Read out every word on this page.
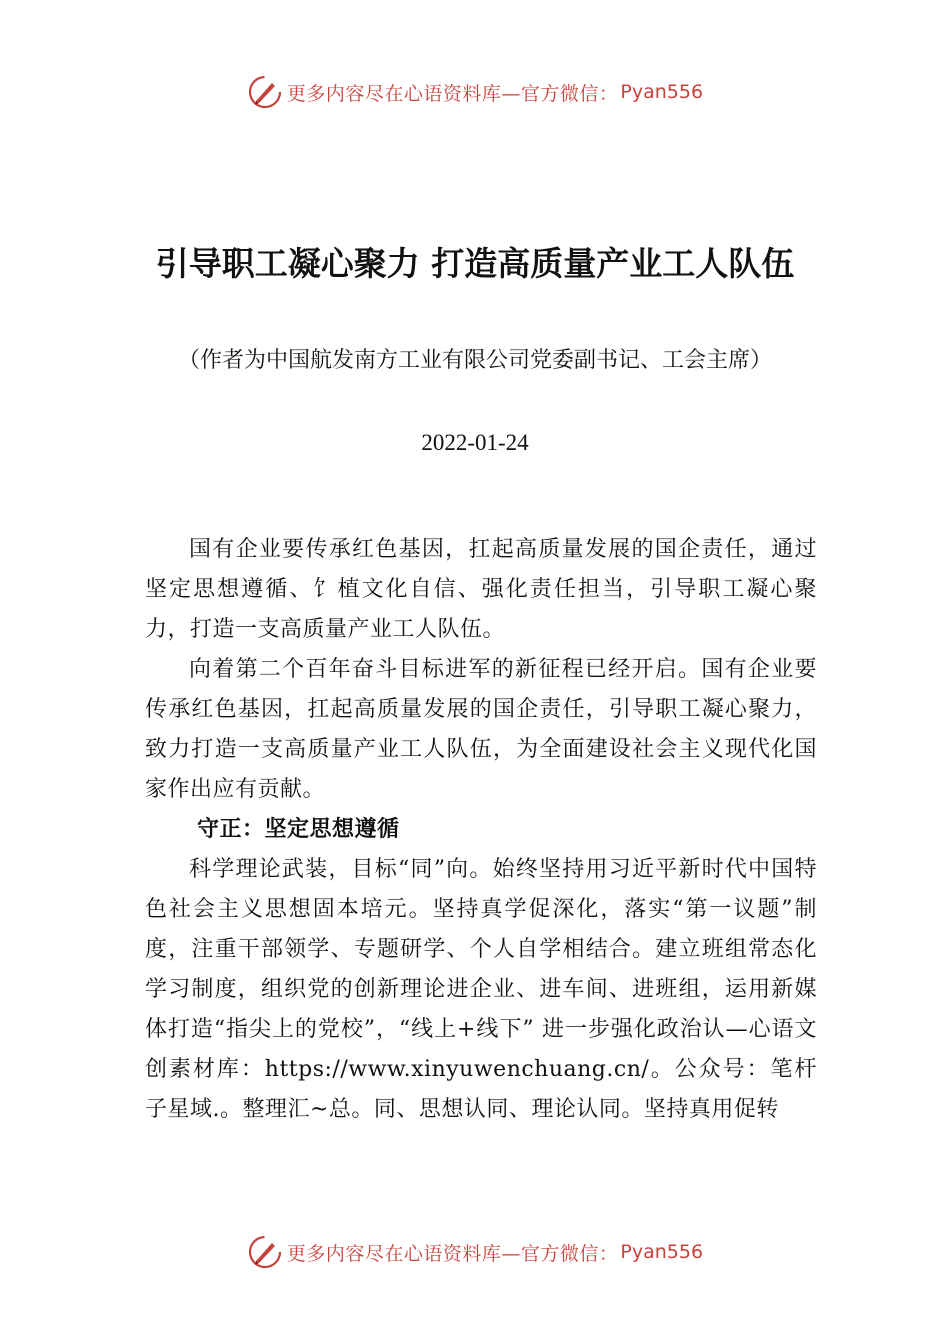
更多内容尽在心语资料库—官方微信： Pyan556
引导职工凝心聚力 打造高质量产业工人队伍

（作者为中国航发南方工业有限公司党委副书记、工会主席）

2022-01-24

国有企业要传承红色基因，扛起高质量发展的国企责任，通过坚定思想遵循、饣植文化自信、强化责任担当，引导职工凝心聚力，打造一支高质量产业工人队伍。

向着第二个百年奋斗目标进军的新征程已经开启。国有企业要传承红色基因，扛起高质量发展的国企责任，引导职工凝心聚力，致力打造一支高质量产业工人队伍，为全面建设社会主义现代化国家作出应有贡献。

守正：坚定思想遵循

科学理论武装，目标“同”向。始终坚持用习近平新时代中国特色社会主义思想固本培元。坚持真学促深化，落实“第一议题”制度，注重干部领学、专题研学、个人自学相结合。建立班组常态化学习制度，组织党的创新理论进企业、进车间、进班组，运用新媒体打造“指尖上的党校”，“线上+线下” 进一步强化政治认—心语文创素材库：https://www.xinyuwenchuang.cn/。公众号：笔杆子星域.。整理汇~总。同、思想认同、理论认同。坚持真用促转

更多内容尽在心语资料库—官方微信： Pyan556
